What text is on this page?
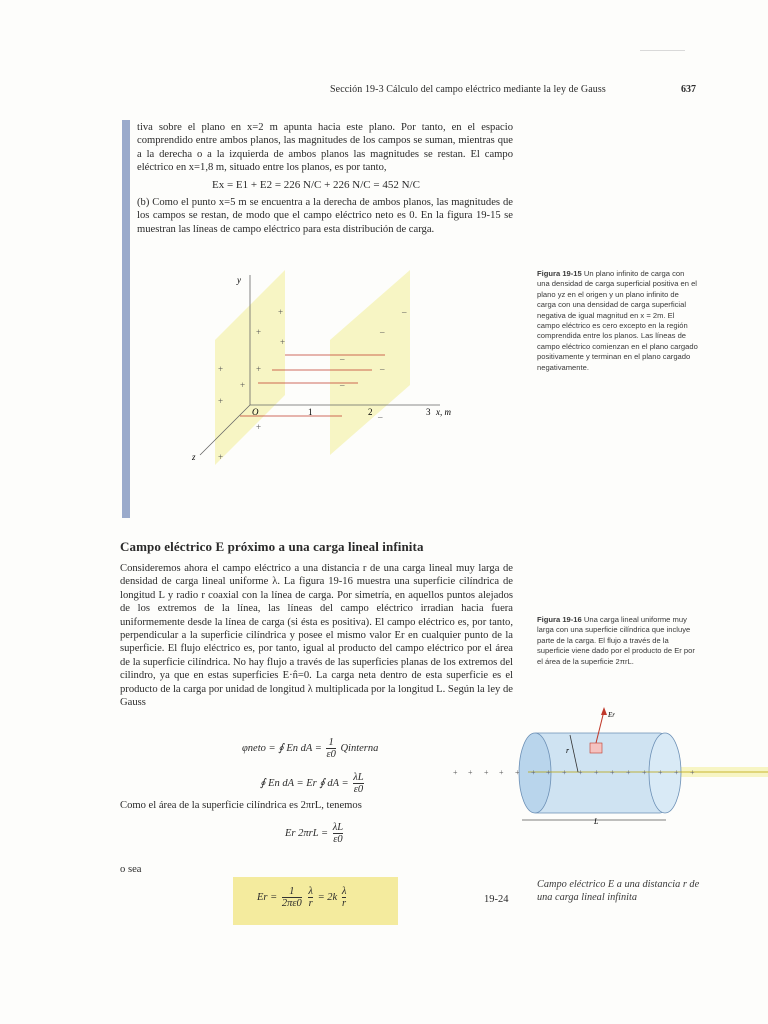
Sección 19-3 Cálculo del campo eléctrico mediante la ley de Gauss	637
tiva sobre el plano en x=2 m apunta hacia este plano. Por tanto, en el espacio comprendido entre ambos planos, las magnitudes de los campos se suman, mientras que a la derecha o a la izquierda de ambos planos las magnitudes se restan. El campo eléctrico en x=1,8 m, situado entre los planos, es por tanto,
Ex = E1 + E2 = 226 N/C + 226 N/C = 452 N/C
(b) Como el punto x=5 m se encuentra a la derecha de ambos planos, las magnitudes de los campos se restan, de modo que el campo eléctrico neto es 0. En la figura 19-15 se muestran las líneas de campo eléctrico para esta distribución de carga.
+
+
+
+	+
+
+
+
+
–
–
–
–
–
–
y
z
x, m
O	1	2	3
Figura 19-15 Un plano infinito de carga con una densidad de carga superficial positiva en el plano yz en el origen y un plano infinito de carga con una densidad de carga superficial negativa de igual magnitud en x = 2m. El campo eléctrico es cero excepto en la región comprendida entre los planos. Las líneas de campo eléctrico comienzan en el plano cargado positivamente y terminan en el plano cargado negativamente.
Campo eléctrico E próximo a una carga lineal infinita
Consideremos ahora el campo eléctrico a una distancia r de una carga lineal muy larga de densidad de carga lineal uniforme λ. La figura 19-16 muestra una superficie cilíndrica de longitud L y radio r coaxial con la línea de carga. Por simetría, en aquellos puntos alejados de los extremos de la línea, las líneas del campo eléctrico irradian hacia fuera uniformemente desde la línea de carga (si ésta es positiva). El campo eléctrico es, por tanto, perpendicular a la superficie cilíndrica y posee el mismo valor Er en cualquier punto de la superficie. El flujo eléctrico es, por tanto, igual al producto del campo eléctrico por el área de la superficie cilíndrica. No hay flujo a través de las superficies planas de los extremos del cilindro, ya que en estas superficies E·n̂=0. La carga neta dentro de esta superficie es el producto de la carga por unidad de longitud λ multiplicada por la longitud L. Según la ley de Gauss
Figura 19-16 Una carga lineal uniforme muy larga con una superficie cilíndrica que incluye parte de la carga. El flujo a través de la superficie viene dado por el producto de Er por el área de la superficie 2πrL.
φneto = ∮ En dA = $\frac{1}{\varepsilon 0}$ Qinterna
∮ En dA = Er ∮ dA = $\frac{\lambda L}{\varepsilon 0}$
Como el área de la superficie cilíndrica es 2πrL, tenemos
Er $2\pi rL = \frac{\lambda L}{\varepsilon 0}$
o sea
$Er = \frac{1}{2\pi\varepsilon 0}$
$\frac{\lambda}{r} = 2k \frac{\lambda}{r}$	19-24
Campo eléctrico E a una distancia r de una carga lineal infinita
+ + + + + + + + + + + + + + + +
Er
r
L
